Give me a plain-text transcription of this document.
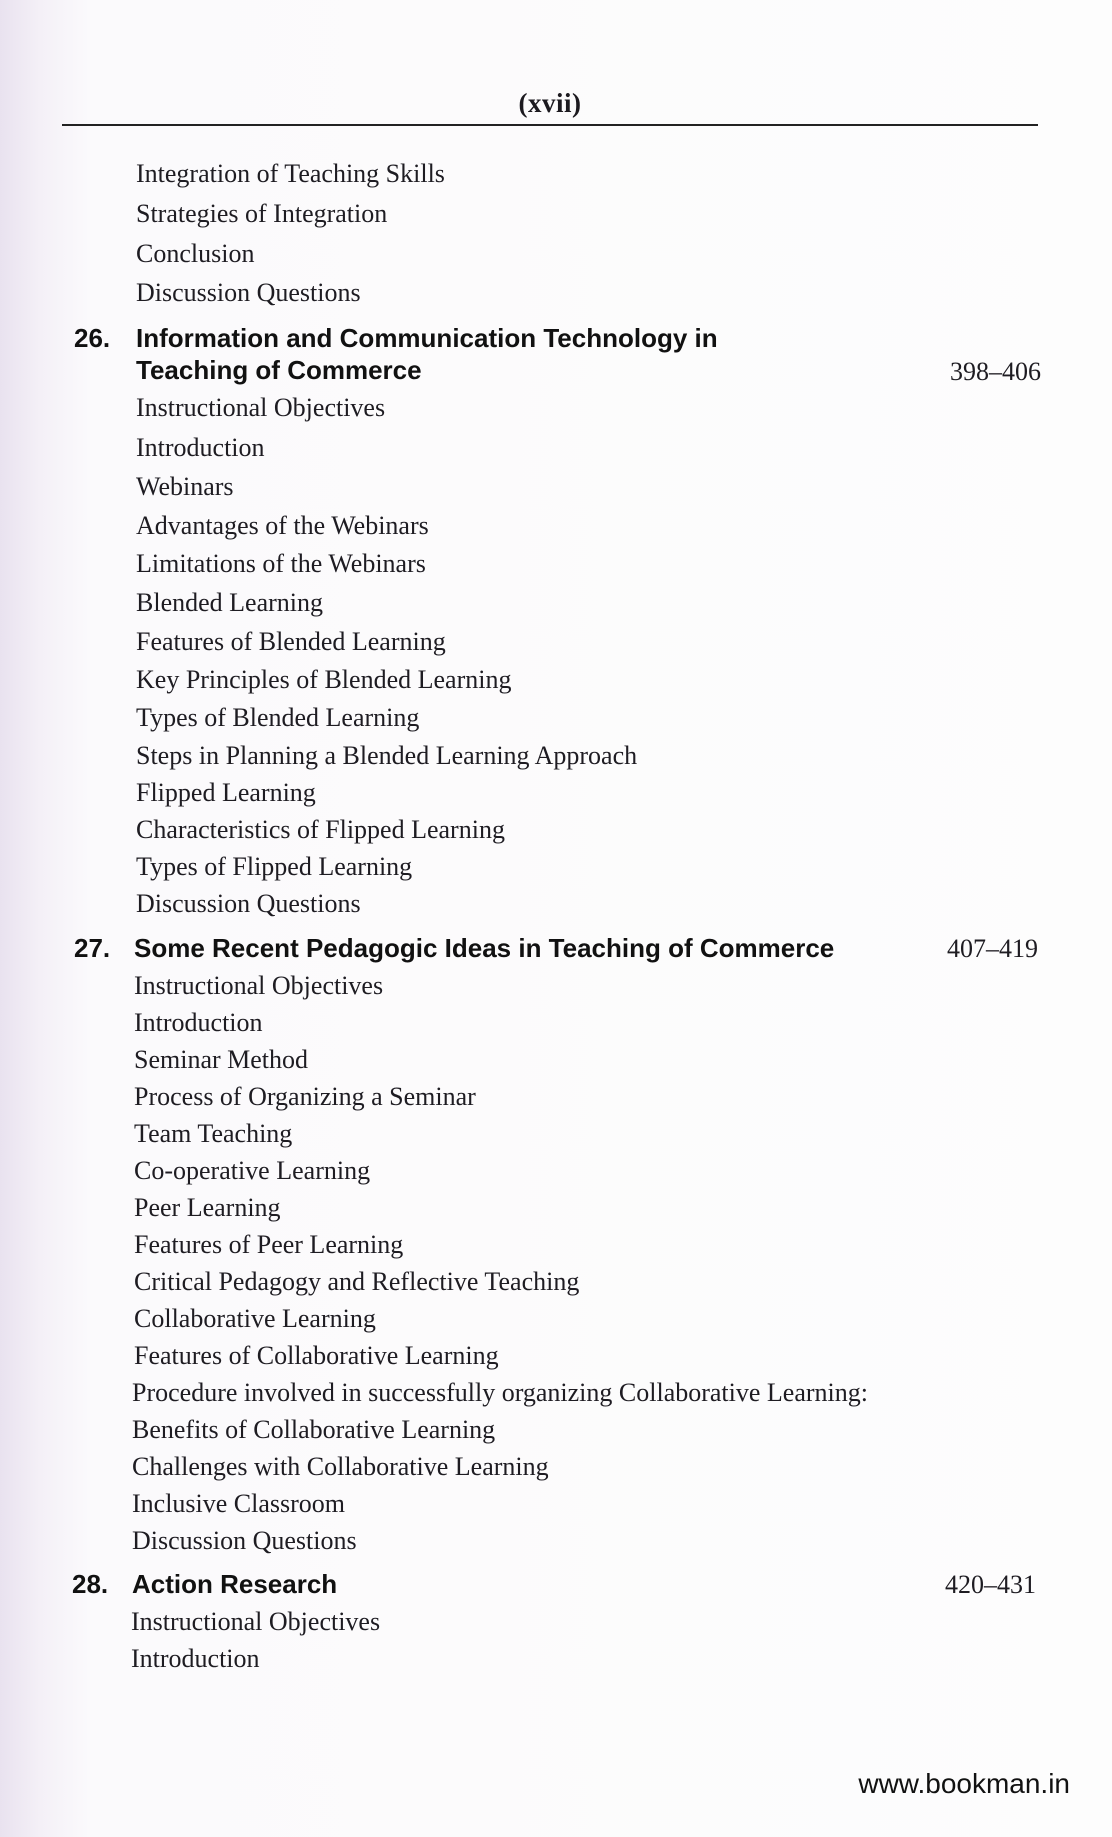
(xvii)
Integration of Teaching Skills
Strategies of Integration
Conclusion
Discussion Questions
26. Information and Communication Technology in
Teaching of Commerce	398–406
Instructional Objectives
Introduction
Webinars
Advantages of the Webinars
Limitations of the Webinars
Blended Learning
Features of Blended Learning
Key Principles of Blended Learning
Types of Blended Learning
Steps in Planning a Blended Learning Approach
Flipped Learning
Characteristics of Flipped Learning
Types of Flipped Learning
Discussion Questions
27. Some Recent Pedagogic Ideas in Teaching of Commerce	407–419
Instructional Objectives
Introduction
Seminar Method
Process of Organizing a Seminar
Team Teaching
Co-operative Learning
Peer Learning
Features of Peer Learning
Critical Pedagogy and Reflective Teaching
Collaborative Learning
Features of Collaborative Learning
Procedure involved in successfully organizing Collaborative Learning:
Benefits of Collaborative Learning
Challenges with Collaborative Learning
Inclusive Classroom
Discussion Questions
28. Action Research	420–431
Instructional Objectives
Introduction
www.bookman.in
